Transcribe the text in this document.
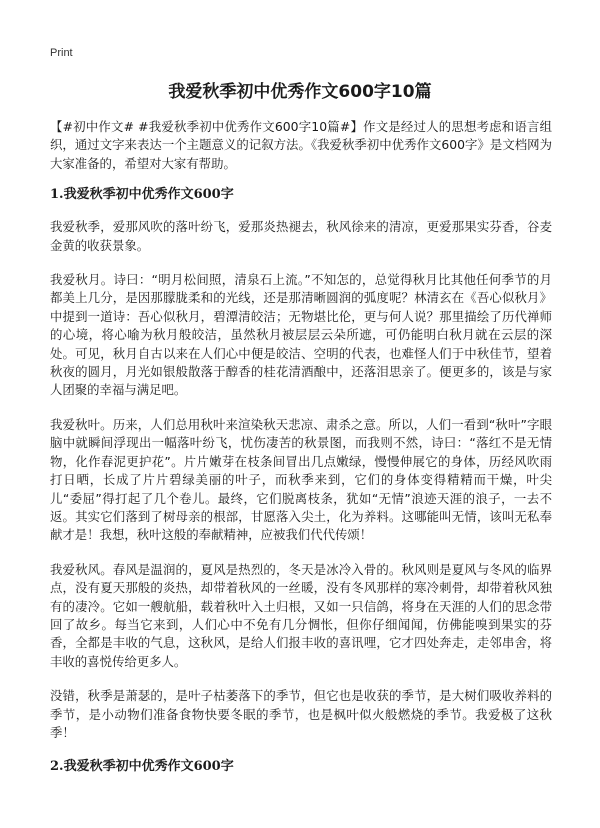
Print
我爱秋季初中优秀作文600字10篇

【#初中作文# #我爱秋季初中优秀作文600字10篇#】作文是经过人的思想考虑和语言组织，通过文字来表达一个主题意义的记叙方法。《我爱秋季初中优秀作文600字》是文档网为大家准备的，希望对大家有帮助。

1.我爱秋季初中优秀作文600字

我爱秋季，爱那风吹的落叶纷飞，爱那炎热褪去，秋风徐来的清凉，更爱那果实芬香，谷麦金黄的收获景象。

我爱秋月。诗曰：“明月松间照，清泉石上流。”不知怎的，总觉得秋月比其他任何季节的月都美上几分，是因那朦胧柔和的光线，还是那清晰圆润的弧度呢？林清玄在《吾心似秋月》中提到一道诗：吾心似秋月，碧潭清皎洁；无物堪比伦，更与何人说？那里描绘了历代禅师的心境，将心喻为秋月般皎洁，虽然秋月被层层云朵所遮，可仍能明白秋月就在云层的深处。可见，秋月自古以来在人们心中便是皎洁、空明的代表，也难怪人们于中秋佳节，望着秋夜的圆月，月光如银般散落于醇香的桂花清酒酿中，还落泪思亲了。便更多的，该是与家人团聚的幸福与满足吧。

我爱秋叶。历来，人们总用秋叶来渲染秋天悲凉、肃杀之意。所以，人们一看到“秋叶”字眼脑中就瞬间浮现出一幅落叶纷飞，忧伤凄苦的秋景图，而我则不然，诗曰：“落红不是无情物，化作春泥更护花”。片片嫩芽在枝条间冒出几点嫩绿，慢慢伸展它的身体，历经风吹雨打日晒，长成了片片碧绿美丽的叶子，而秋季来到，它们的身体变得精精而干燥，叶尖儿“委屈”得打起了几个卷儿。最终，它们脱离枝条，犹如“无情”浪迹天涯的浪子，一去不返。其实它们落到了树母亲的根部，甘愿落入尖土，化为养料。这哪能叫无情，该叫无私奉献才是！我想，秋叶这般的奉献精神，应被我们代代传颂！

我爱秋风。春风是温润的，夏风是热烈的，冬天是冰冷入骨的。秋风则是夏风与冬风的临界点，没有夏天那般的炎热，却带着秋风的一丝暖，没有冬风那样的寒冷刺骨，却带着秋风独有的凄冷。它如一艘航船，载着秋叶入土归根，又如一只信鸽，将身在天涯的人们的思念带回了故乡。每当它来到，人们心中不免有几分惆怅，但你仔细闻闻，仿佛能嗅到果实的芬香，全都是丰收的气息，这秋风，是给人们报丰收的喜讯哩，它才四处奔走，走邻串舍，将丰收的喜悦传给更多人。

没错，秋季是萧瑟的，是叶子枯萎落下的季节，但它也是收获的季节，是大树们吸收养料的季节，是小动物们准备食物快要冬眠的季节，也是枫叶似火般燃烧的季节。我爱极了这秋季！

2.我爱秋季初中优秀作文600字
